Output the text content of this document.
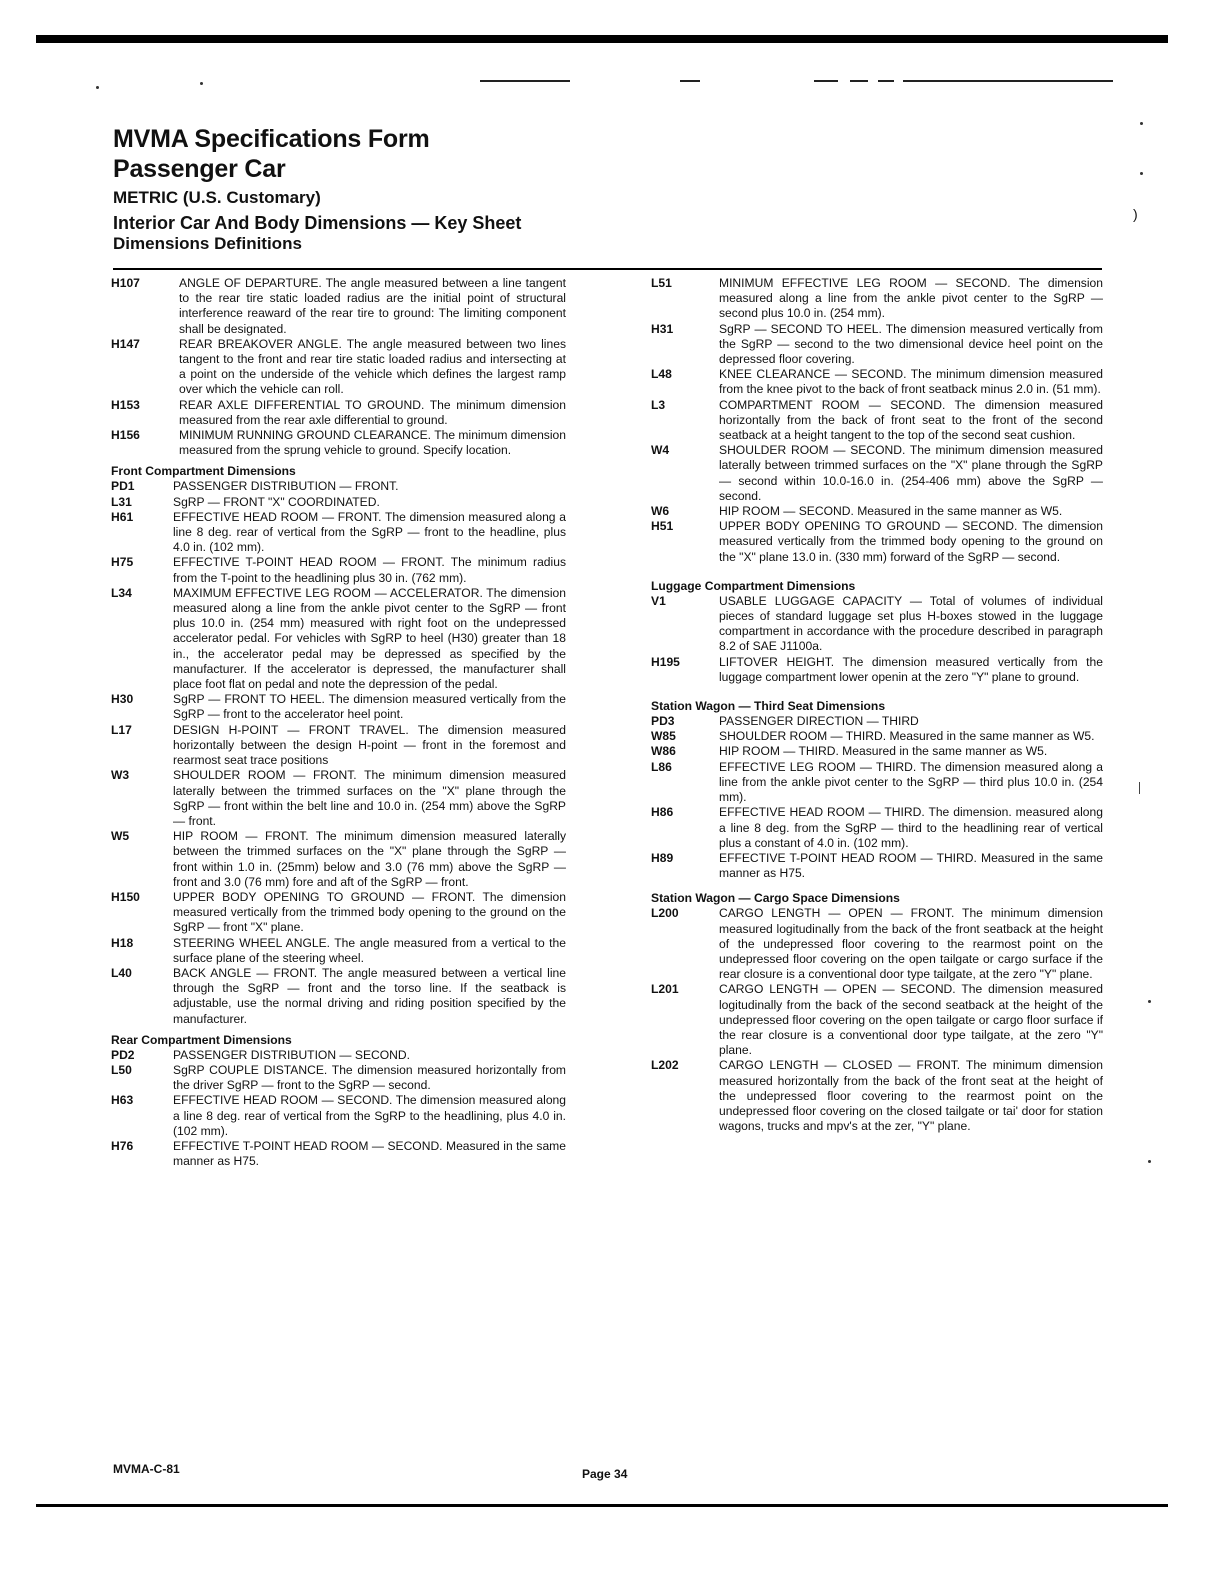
)
MVMA Specifications Form
Passenger Car
METRIC (U.S. Customary)
Interior Car And Body Dimensions — Key Sheet
Dimensions Definitions
H107	ANGLE OF DEPARTURE. The angle measured between a line tangent to the rear tire static loaded radius are the initial point of structural interference reaward of the rear tire to ground: The limiting component shall be designated.
H147	REAR BREAKOVER ANGLE. The angle measured between two lines tangent to the front and rear tire static loaded radius and intersecting at a point on the underside of the vehicle which defines the largest ramp over which the vehicle can roll.
H153	REAR AXLE DIFFERENTIAL TO GROUND. The minimum dimension measured from the rear axle differential to ground.
H156	MINIMUM RUNNING GROUND CLEARANCE. The minimum dimension measured from the sprung vehicle to ground. Specify location.
Front Compartment Dimensions
PD1	PASSENGER DISTRIBUTION — FRONT.
L31	SgRP — FRONT "X" COORDINATED.
H61	EFFECTIVE HEAD ROOM — FRONT. The dimension measured along a line 8 deg. rear of vertical from the SgRP — front to the headline, plus 4.0 in. (102 mm).
H75	EFFECTIVE T-POINT HEAD ROOM — FRONT. The minimum radius from the T-point to the headlining plus 30 in. (762 mm).
L34	MAXIMUM EFFECTIVE LEG ROOM — ACCELERATOR. The dimension measured along a line from the ankle pivot center to the SgRP — front plus 10.0 in. (254 mm) measured with right foot on the undepressed accelerator pedal. For vehicles with SgRP to heel (H30) greater than 18 in., the accelerator pedal may be depressed as specified by the manufacturer. If the accelerator is depressed, the manufacturer shall place foot flat on pedal and note the depression of the pedal.
H30	SgRP — FRONT TO HEEL. The dimension measured vertically from the SgRP — front to the accelerator heel point.
L17	DESIGN H-POINT — FRONT TRAVEL. The dimension measured horizontally between the design H-point — front in the foremost and rearmost seat trace positions
W3	SHOULDER ROOM — FRONT. The minimum dimension measured laterally between the trimmed surfaces on the "X" plane through the SgRP — front within the belt line and 10.0 in. (254 mm) above the SgRP — front.
W5	HIP ROOM — FRONT. The minimum dimension measured laterally between the trimmed surfaces on the "X" plane through the SgRP — front within 1.0 in. (25mm) below and 3.0 (76 mm) above the SgRP — front and 3.0 (76 mm) fore and aft of the SgRP — front.
H150	UPPER BODY OPENING TO GROUND — FRONT. The dimension measured vertically from the trimmed body opening to the ground on the SgRP — front "X" plane.
H18	STEERING WHEEL ANGLE. The angle measured from a vertical to the surface plane of the steering wheel.
L40	BACK ANGLE — FRONT. The angle measured between a vertical line through the SgRP — front and the torso line. If the seatback is adjustable, use the normal driving and riding position specified by the manufacturer.
Rear Compartment Dimensions
PD2	PASSENGER DISTRIBUTION — SECOND.
L50	SgRP COUPLE DISTANCE. The dimension measured horizontally from the driver SgRP — front to the SgRP — second.
H63	EFFECTIVE HEAD ROOM — SECOND. The dimension measured along a line 8 deg. rear of vertical from the SgRP to the headlining, plus 4.0 in. (102 mm).
H76	EFFECTIVE T-POINT HEAD ROOM — SECOND. Measured in the same manner as H75.
L51	MINIMUM EFFECTIVE LEG ROOM — SECOND. The dimension measured along a line from the ankle pivot center to the SgRP — second plus 10.0 in. (254 mm).
H31	SgRP — SECOND TO HEEL. The dimension measured vertically from the SgRP — second to the two dimensional device heel point on the depressed floor covering.
L48	KNEE CLEARANCE — SECOND. The minimum dimension measured from the knee pivot to the back of front seatback minus 2.0 in. (51 mm).
L3	COMPARTMENT ROOM — SECOND. The dimension measured horizontally from the back of front seat to the front of the second seatback at a height tangent to the top of the second seat cushion.
W4	SHOULDER ROOM — SECOND. The minimum dimension measured laterally between trimmed surfaces on the "X" plane through the SgRP — second within 10.0-16.0 in. (254-406 mm) above the SgRP — second.
W6	HIP ROOM — SECOND. Measured in the same manner as W5.
H51	UPPER BODY OPENING TO GROUND — SECOND. The dimension measured vertically from the trimmed body opening to the ground on the "X" plane 13.0 in. (330 mm) forward of the SgRP — second.
Luggage Compartment Dimensions
V1	USABLE LUGGAGE CAPACITY — Total of volumes of individual pieces of standard luggage set plus H-boxes stowed in the luggage compartment in accordance with the procedure described in paragraph 8.2 of SAE J1100a.
H195	LIFTOVER HEIGHT. The dimension measured vertically from the luggage compartment lower openin at the zero "Y" plane to ground.
Station Wagon — Third Seat Dimensions
PD3	PASSENGER DIRECTION — THIRD
W85	SHOULDER ROOM — THIRD. Measured in the same manner as W5.
W86	HIP ROOM — THIRD. Measured in the same manner as W5.
L86	EFFECTIVE LEG ROOM — THIRD. The dimension measured along a line from the ankle pivot center to the SgRP — third plus 10.0 in. (254 mm).
H86	EFFECTIVE HEAD ROOM — THIRD. The dimension. measured along a line 8 deg. from the SgRP — third to the headlining rear of vertical plus a constant of 4.0 in. (102 mm).
H89	EFFECTIVE T-POINT HEAD ROOM — THIRD. Measured in the same manner as H75.
Station Wagon — Cargo Space Dimensions
L200	CARGO LENGTH — OPEN — FRONT. The minimum dimension measured logitudinally from the back of the front seatback at the height of the undepressed floor covering to the rearmost point on the undepressed floor covering on the open tailgate or cargo surface if the rear closure is a conventional door type tailgate, at the zero "Y" plane.
L201	CARGO LENGTH — OPEN — SECOND. The dimension measured logitudinally from the back of the second seatback at the height of the undepressed floor covering on the open tailgate or cargo floor surface if the rear closure is a conventional door type tailgate, at the zero "Y" plane.
L202	CARGO LENGTH — CLOSED — FRONT. The minimum dimension measured horizontally from the back of the front seat at the height of the undepressed floor covering to the rearmost point on the undepressed floor covering on the closed tailgate or tai' door for station wagons, trucks and mpv's at the zer, "Y" plane.
MVMA-C-81	Page 34
